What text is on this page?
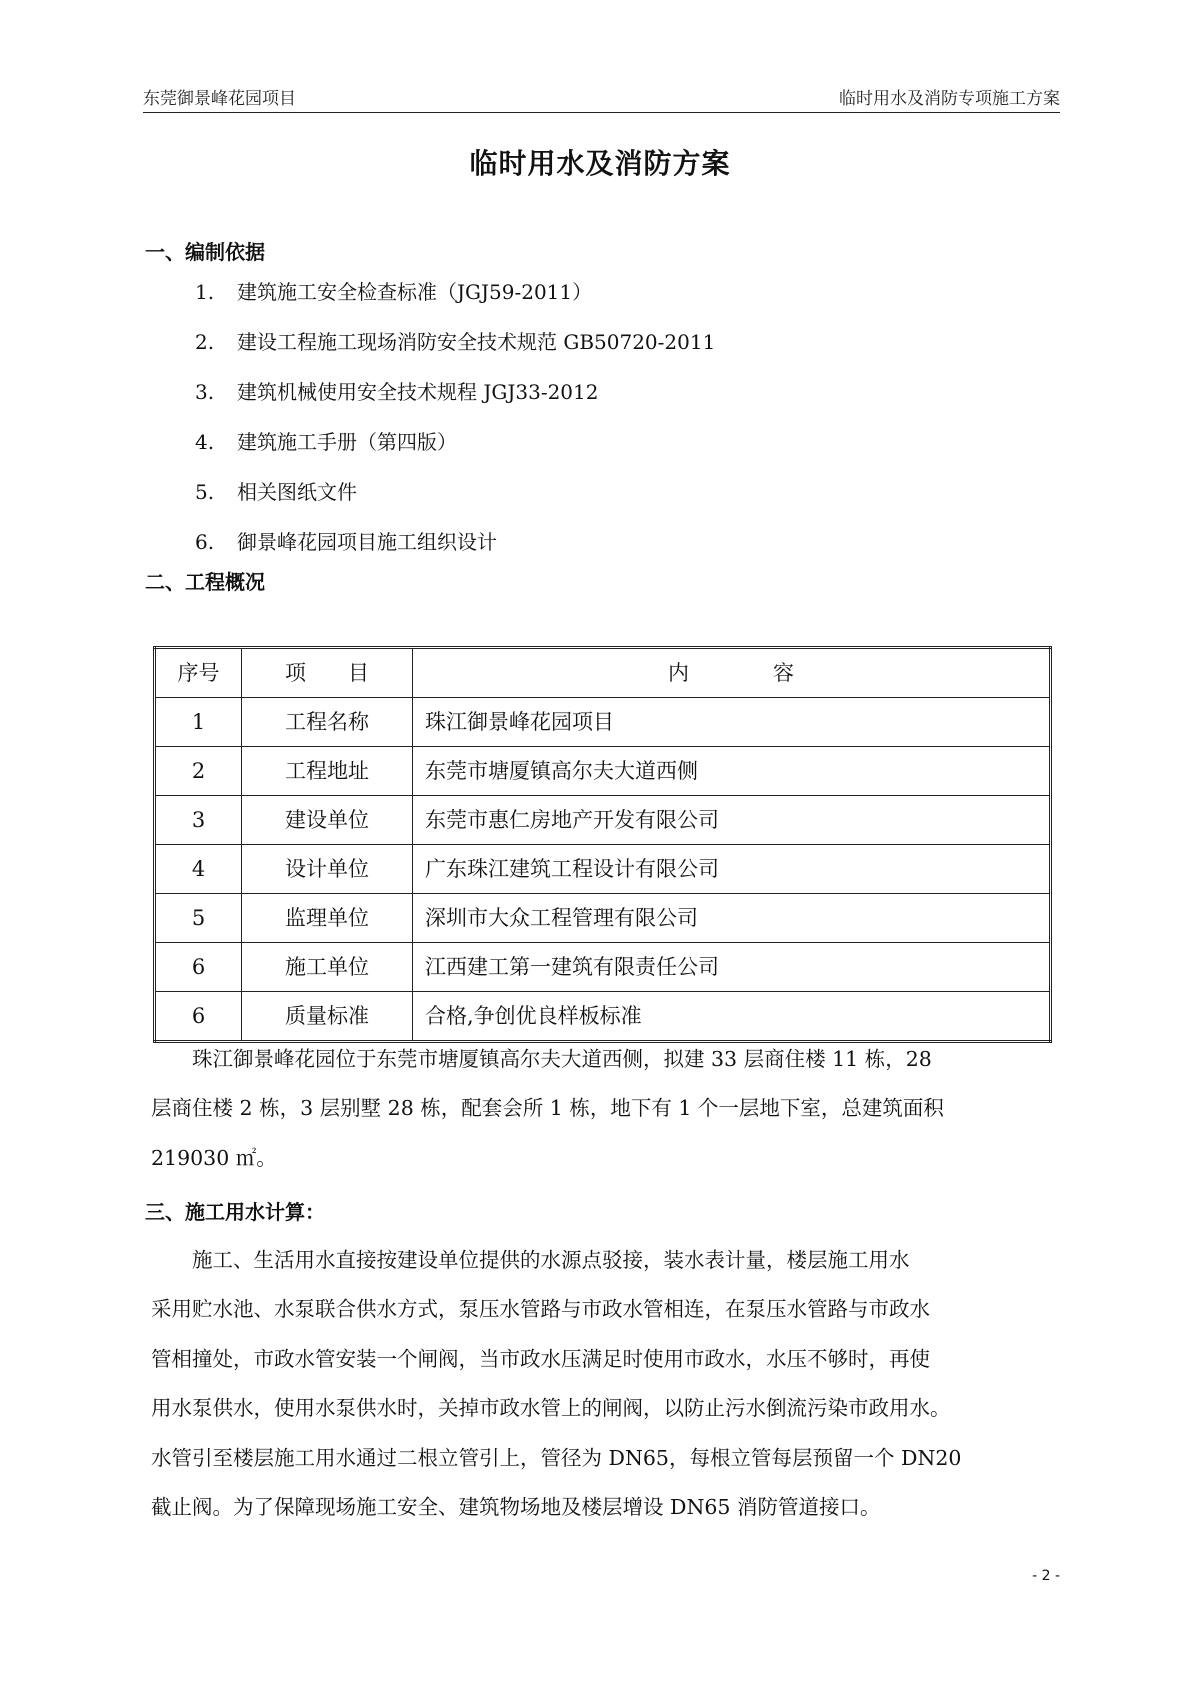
东莞御景峰花园项目	临时用水及消防专项施工方案
临时用水及消防方案
一、编制依据
1. 建筑施工安全检查标准（JGJ59-2011）
2. 建设工程施工现场消防安全技术规范 GB50720-2011
3. 建筑机械使用安全技术规程 JGJ33-2012
4. 建筑施工手册（第四版）
5. 相关图纸文件
6. 御景峰花园项目施工组织设计
二、工程概况
序号	项　　目	内　　　　容
1	工程名称	珠江御景峰花园项目
2	工程地址	东莞市塘厦镇高尔夫大道西侧
3	建设单位	东莞市惠仁房地产开发有限公司
4	设计单位	广东珠江建筑工程设计有限公司
5	监理单位	深圳市大众工程管理有限公司
6	施工单位	江西建工第一建筑有限责任公司
6	质量标准	合格,争创优良样板标准
　　珠江御景峰花园位于东莞市塘厦镇高尔夫大道西侧，拟建 33 层商住楼 11 栋，28
层商住楼 2 栋，3 层别墅 28 栋，配套会所 1 栋，地下有 1 个一层地下室，总建筑面积
219030 ㎡。
三、施工用水计算：
　　施工、生活用水直接按建设单位提供的水源点驳接，装水表计量，楼层施工用水
采用贮水池、水泵联合供水方式，泵压水管路与市政水管相连，在泵压水管路与市政水
管相撞处，市政水管安装一个闸阀，当市政水压满足时使用市政水，水压不够时，再使
用水泵供水，使用水泵供水时，关掉市政水管上的闸阀，以防止污水倒流污染市政用水。
水管引至楼层施工用水通过二根立管引上，管径为 DN65，每根立管每层预留一个 DN20
截止阀。为了保障现场施工安全、建筑物场地及楼层增设 DN65 消防管道接口。
- 2 -
